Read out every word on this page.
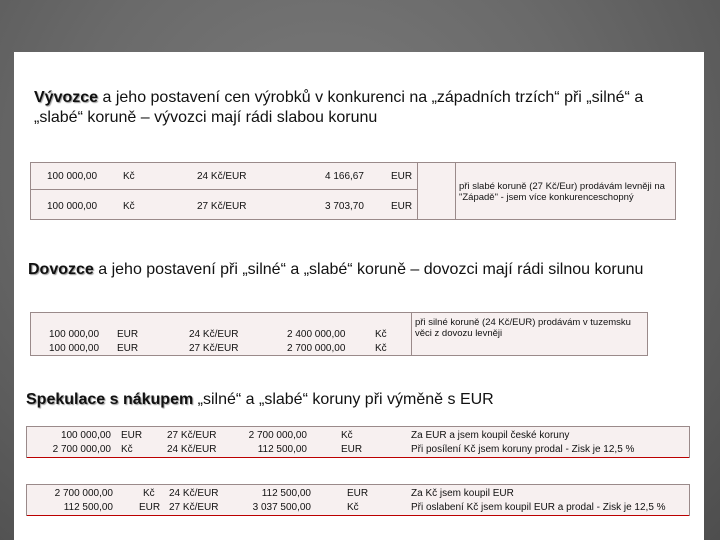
Vývozce a jeho postavení cen výrobků v konkurenci na „západních trzích“ při „silné“ a „slabé“ koruně – vývozci mají rádi slabou korunu
100 000,00	Kč	24 Kč/EUR	4 166,67	EUR
100 000,00	Kč	27 Kč/EUR	3 703,70	EUR
při slabé koruně (27 Kč/Eur) prodávám levněji na "Západě" - jsem více konkurenceschopný
Dovozce a jeho postavení při „silné“ a „slabé“ koruně – dovozci mají rádi silnou korunu
100 000,00 EUR	24 Kč/EUR	2 400 000,00	Kč
100 000,00 EUR	27 Kč/EUR	2 700 000,00	Kč
při silné koruně (24 Kč/EUR) prodávám v tuzemsku věci z dovozu levněji
Spekulace s nákupem „silné“ a „slabé“ koruny při výměně s EUR
100 000,00 EUR 27 Kč/EUR	2 700 000,00	Kč	Za EUR a jsem koupil české koruny
2 700 000,00 Kč	24 Kč/EUR	112 500,00	EUR	Při posílení Kč jsem koruny prodal - Zisk je 12,5 %
2 700 000,00	Kč 24 Kč/EUR	112 500,00	EUR	Za Kč jsem koupil EUR
112 500,00	EUR 27 Kč/EUR	3 037 500,00	Kč	Při oslabení Kč jsem koupil EUR a prodal - Zisk je 12,5 %
